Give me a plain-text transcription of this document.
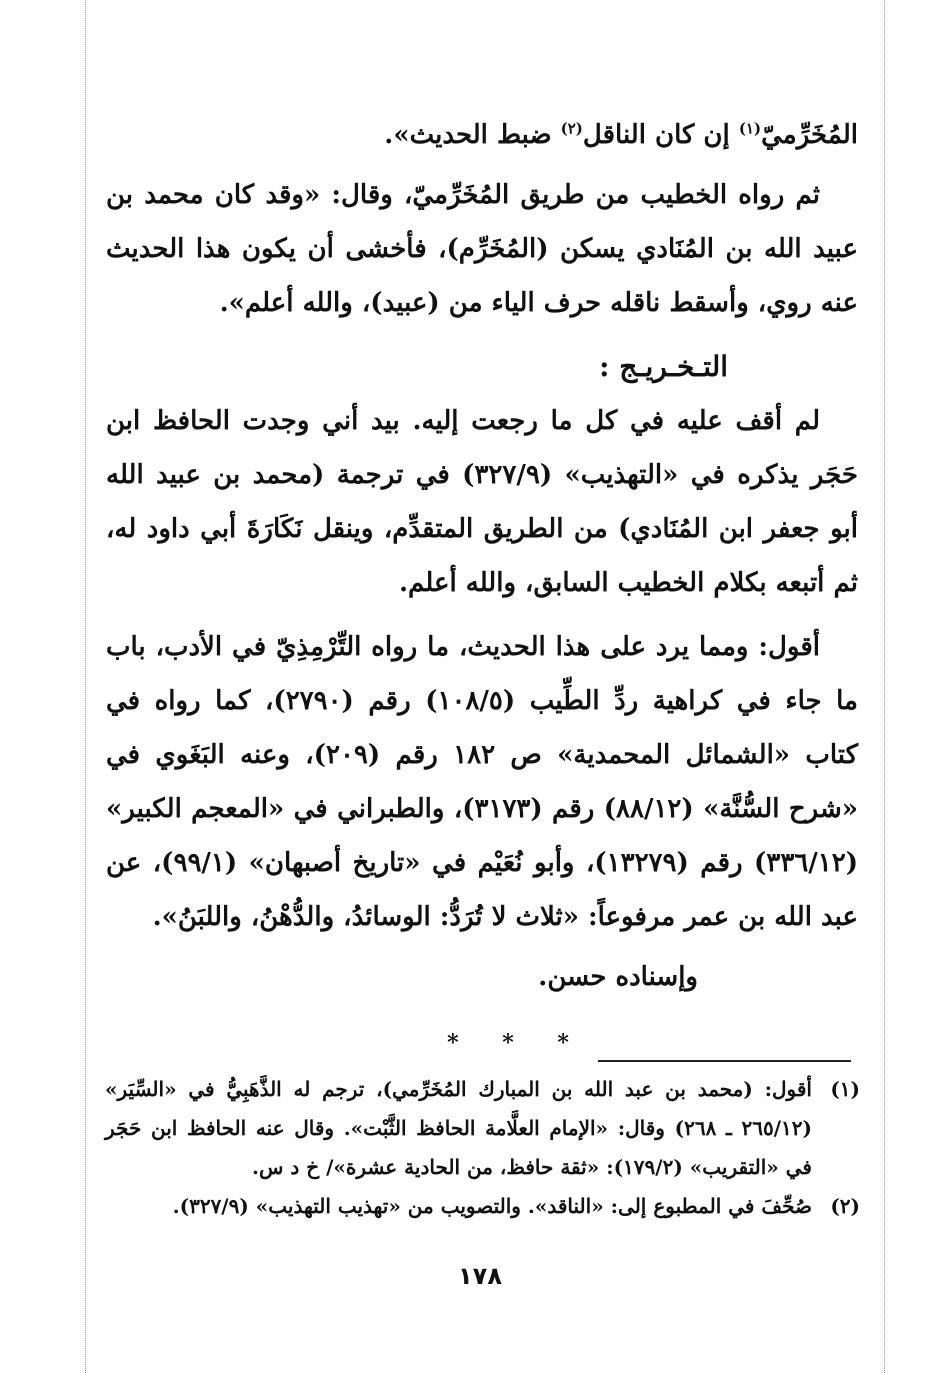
المُخَرِّميّ$^{(١)}$ إن كان الناقل$^{(٢)}$ ضبط الحديث».

ثم رواه الخطيب من طريق المُخَرِّميّ، وقال: «وقد كان محمد بن عبيد الله بن المُنَادي يسكن (المُخَرِّم)، فأخشى أن يكون هذا الحديث عنه روي، وأسقط ناقله حرف الياء من (عبيد)، والله أعلم».

التـخـريـج :

لم أقف عليه في كل ما رجعت إليه. بيد أني وجدت الحافظ ابن حَجَر يذكره في «التهذيب» (٣٢٧/٩) في ترجمة (محمد بن عبيد الله أبو جعفر ابن المُنَادي) من الطريق المتقدِّم، وينقل نَكَارَةَ أبي داود له، ثم أتبعه بكلام الخطيب السابق، والله أعلم.

أقول: ومما يرد على هذا الحديث، ما رواه التِّرْمِذِيّ في الأدب، باب ما جاء في كراهية ردِّ الطِّيب (١٠٨/٥) رقم (٢٧٩٠)، كما رواه في كتاب «الشمائل المحمدية» ص ١٨٢ رقم (٢٠٩)، وعنه البَغَوي في «شرح السُّنَّة» (٨٨/١٢) رقم (٣١٧٣)، والطبراني في «المعجم الكبير» (٣٣٦/١٢) رقم (١٣٢٧٩)، وأبو نُعَيْم في «تاريخ أصبهان» (٩٩/١)، عن عبد الله بن عمر مرفوعاً: «ثلاث لا تُرَدُّ: الوسائدُ، والدُّهْنُ، واللبَنُ».

وإسناده حسن.

* * *

(١)أقول: (محمد بن عبد الله بن المبارك المُخَرِّمي)، ترجم له الذَّهَبِيُّ في «السِّيَر» (٢٦٥/١٢ ـ ٢٦٨) وقال: «الإمام العلَّامة الحافظ الثَّبْت». وقال عنه الحافظ ابن حَجَر في «التقريب» (١٧٩/٢): «ثقة حافظ، من الحادية عشرة»/ خ د س.

(٢)صُحِّفَ في المطبوع إلى: «الناقد». والتصويب من «تهذيب التهذيب» (٣٢٧/٩).

١٧٨
